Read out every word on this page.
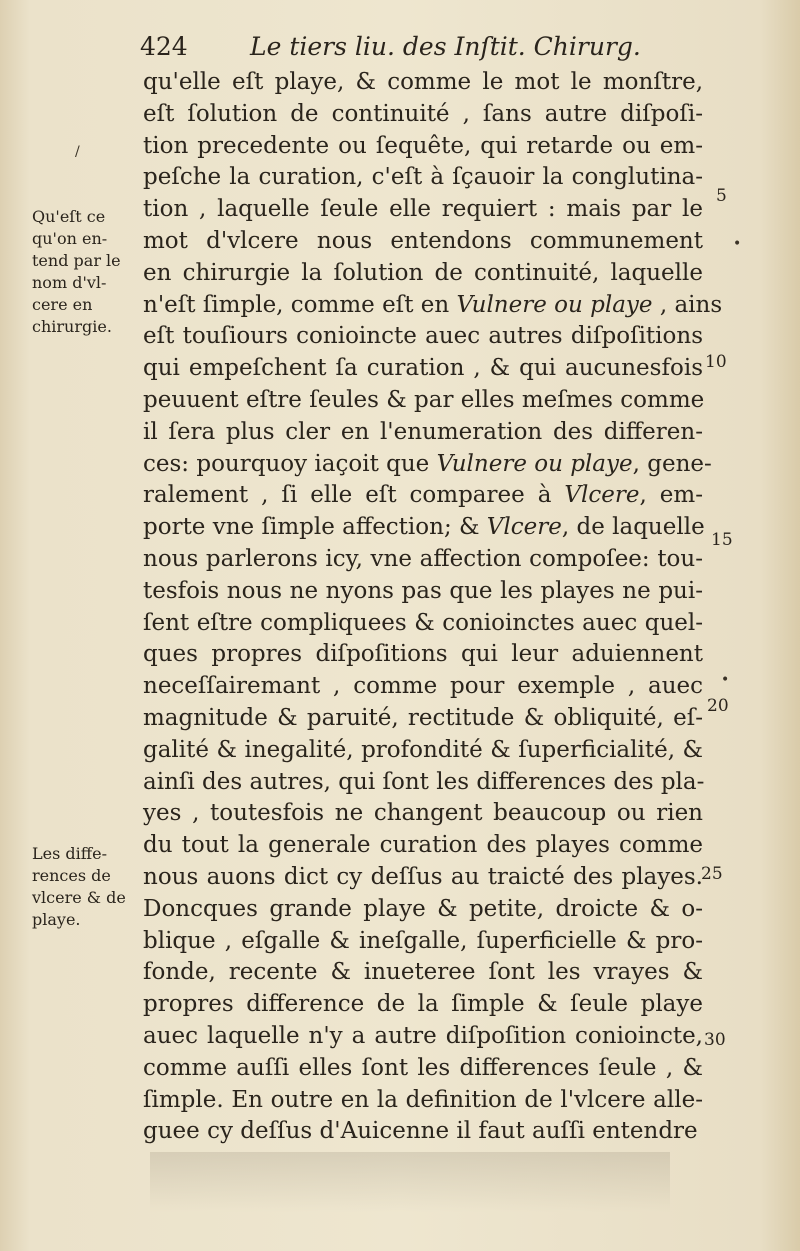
424 Le tiers liu. des Inſtit. Chirurg.
Qu'eſt ce
qu'on en-
tend par le
nom d'vl-
cere en
chirurgie.
Les diffe-
rences de
vlcere & de
playe.
5
10
15
20
25
30
/
•
•
qu'elle eſt playe, & comme le mot le monſtre,
eſt ſolution de continuité , ſans autre diſpoſi-
tion precedente ou ſequête, qui retarde ou em-
peſche la curation, c'eſt à ſçauoir la conglutina-
tion , laquelle ſeule elle requiert : mais par le
mot d'vlcere nous entendons communement
en chirurgie la ſolution de continuité, laquelle
n'eſt ſimple, comme eſt en Vulnere ou playe , ains
eſt touſiours conioincte auec autres diſpoſitions
qui empeſchent ſa curation , & qui aucunesfois
peuuent eſtre ſeules & par elles meſmes comme
il ſera plus cler en l'enumeration des differen-
ces: pourquoy iaçoit que Vulnere ou playe, gene-
ralement , ſi elle eſt comparee à Vlcere, em-
porte vne ſimple affection; & Vlcere, de laquelle
nous parlerons icy, vne affection compoſee: tou-
tesfois nous ne nyons pas que les playes ne pui-
ſent eſtre compliquees & conioinctes auec quel-
ques propres diſpoſitions qui leur aduiennent
neceſſairemant , comme pour exemple , auec
magnitude & paruité, rectitude & obliquité, eſ-
galité & inegalité, profondité & ſuperficialité, &
ainſi des autres, qui ſont les differences des pla-
yes , toutesfois ne changent beaucoup ou rien
du tout la generale curation des playes comme
nous auons dict cy deſſus au traicté des playes.
Doncques grande playe & petite, droicte & o-
blique , eſgalle & ineſgalle, ſuperficielle & pro-
fonde, recente & inueteree ſont les vrayes &
propres difference de la ſimple & ſeule playe
auec laquelle n'y a autre diſpoſition conioincte,
comme auſſi elles ſont les differences ſeule , &
ſimple. En outre en la definition de l'vlcere alle-
guee cy deſſus d'Auicenne il faut auſſi entendre
